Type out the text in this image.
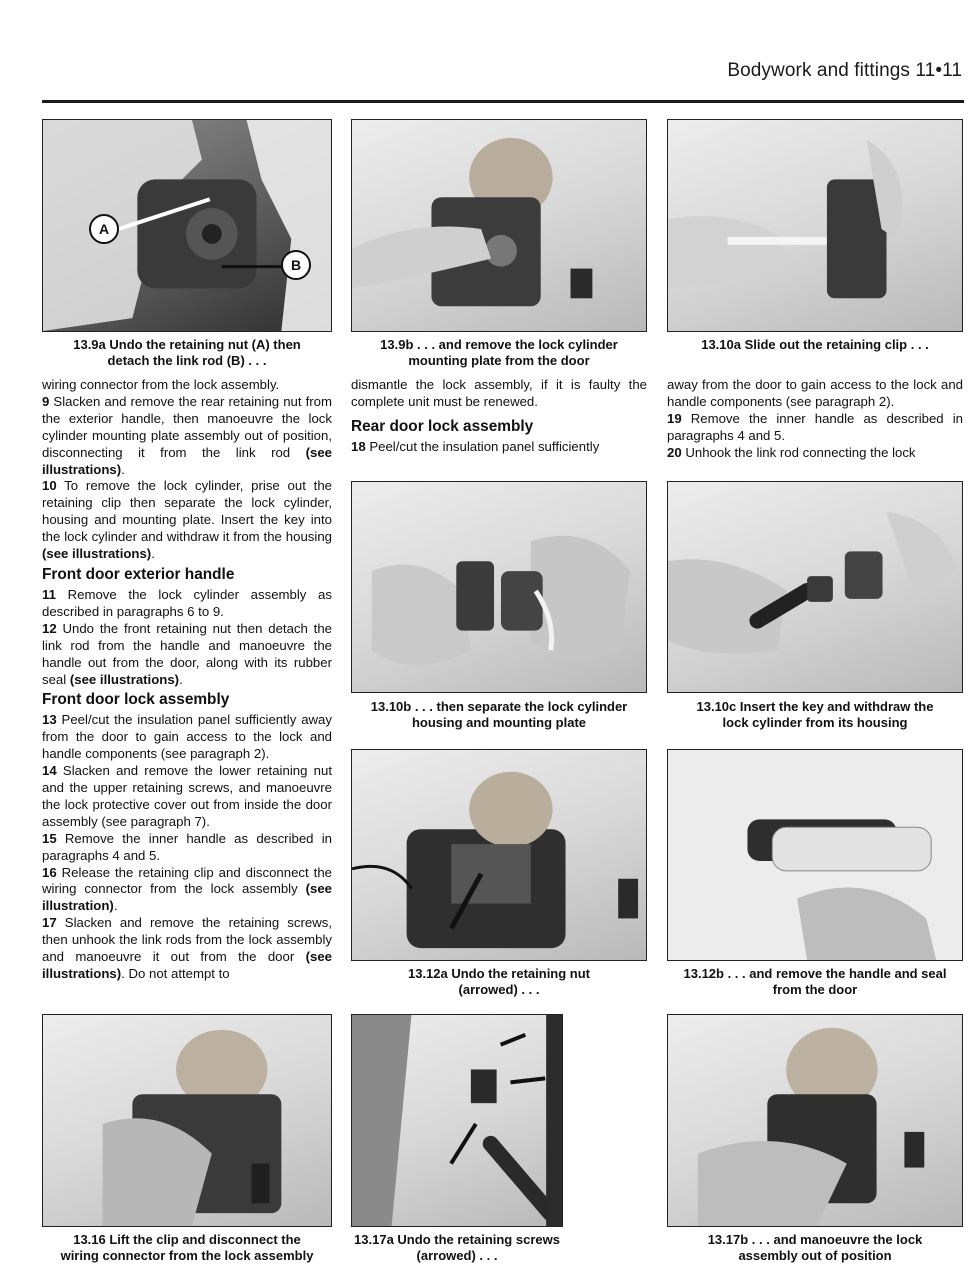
Bodywork and fittings 11•11
A
B
13.9a Undo the retaining nut (A) then
detach the link rod (B) . . .
13.9b . . . and remove the lock cylinder
mounting plate from the door
13.10a Slide out the retaining clip . . .

wiring connector from the lock assembly.

9 Slacken and remove the rear retaining nut from the exterior handle, then manoeuvre the lock cylinder mounting plate assembly out of position, disconnecting it from the link rod (see illustrations).

10 To remove the lock cylinder, prise out the retaining clip then separate the lock cylinder, housing and mounting plate. Insert the key into the lock cylinder and withdraw it from the housing (see illustrations).

Front door exterior handle

11 Remove the lock cylinder assembly as described in paragraphs 6 to 9.

12 Undo the front retaining nut then detach the link rod from the handle and manoeuvre the handle out from the door, along with its rubber seal (see illustrations).

Front door lock assembly

13 Peel/cut the insulation panel sufficiently away from the door to gain access to the lock and handle components (see paragraph 2).

14 Slacken and remove the lower retaining nut and the upper retaining screws, and manoeuvre the lock protective cover out from inside the door assembly (see paragraph 7).

15 Remove the inner handle as described in paragraphs 4 and 5.

16 Release the retaining clip and disconnect the wiring connector from the lock assembly (see illustration).

17 Slacken and remove the retaining screws, then unhook the link rods from the lock assembly and manoeuvre it out from the door (see illustrations). Do not attempt to

dismantle the lock assembly, if it is faulty the complete unit must be renewed.

Rear door lock assembly

18 Peel/cut the insulation panel sufficiently

away from the door to gain access to the lock and handle components (see paragraph 2).

19 Remove the inner handle as described in paragraphs 4 and 5.

20 Unhook the link rod connecting the lock

13.10b . . . then separate the lock cylinder
housing and mounting plate
13.10c Insert the key and withdraw the
lock cylinder from its housing
13.12a Undo the retaining nut
(arrowed) . . .
13.12b . . . and remove the handle and seal
from the door
13.16 Lift the clip and disconnect the
wiring connector from the lock assembly
13.17a Undo the retaining screws
(arrowed) . . .
13.17b . . . and manoeuvre the lock
assembly out of position
